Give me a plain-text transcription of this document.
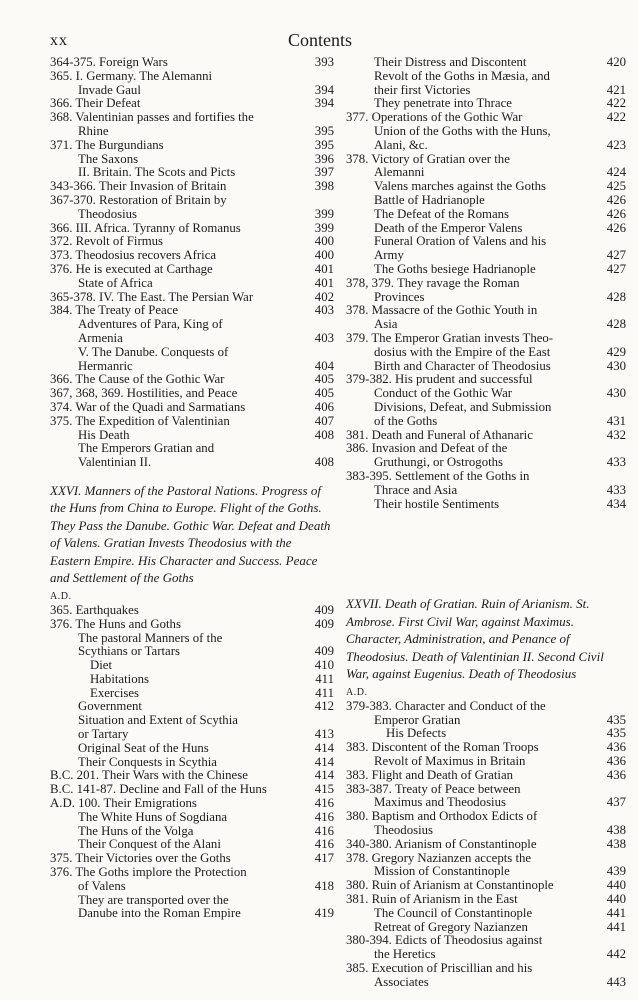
xx	Contents
364-375. Foreign Wars	393
365. I. Germany. The Alemanni
Invade Gaul	394
366. Their Defeat	394
368. Valentinian passes and fortifies the
Rhine	395
371. The Burgundians	395
The Saxons	396
II. Britain. The Scots and Picts	397
343-366. Their Invasion of Britain	398
367-370. Restoration of Britain by
Theodosius	399
366. III. Africa. Tyranny of Romanus	399
372. Revolt of Firmus	400
373. Theodosius recovers Africa	400
376. He is executed at Carthage	401
State of Africa	401
365-378. IV. The East. The Persian War	402
384. The Treaty of Peace	403
Adventures of Para, King of
Armenia	403
V. The Danube. Conquests of
Hermanric	404
366. The Cause of the Gothic War	405
367, 368, 369. Hostilities, and Peace	405
374. War of the Quadi and Sarmatians	406
375. The Expedition of Valentinian	407
His Death	408
The Emperors Gratian and
Valentinian II.	408
XXVI. Manners of the Pastoral Nations. Progress of the Huns from China to Europe. Flight of the Goths. They Pass the Danube. Gothic War. Defeat and Death of Valens. Gratian Invests Theodosius with the Eastern Empire. His Character and Success. Peace and Settlement of the Goths
A.D.
365. Earthquakes	409
376. The Huns and Goths	409
The pastoral Manners of the
Scythians or Tartars	409
Diet	410
Habitations	411
Exercises	411
Government	412
Situation and Extent of Scythia
or Tartary	413
Original Seat of the Huns	414
Their Conquests in Scythia	414
B.C. 201. Their Wars with the Chinese	414
B.C. 141-87. Decline and Fall of the Huns	415
A.D. 100. Their Emigrations	416
The White Huns of Sogdiana	416
The Huns of the Volga	416
Their Conquest of the Alani	416
375. Their Victories over the Goths	417
376. The Goths implore the Protection
of Valens	418
They are transported over the
Danube into the Roman Empire	419
Their Distress and Discontent	420
Revolt of the Goths in Mæsia, and
their first Victories	421
They penetrate into Thrace	422
377. Operations of the Gothic War	422
Union of the Goths with the Huns,
Alani, &c.	423
378. Victory of Gratian over the
Alemanni	424
Valens marches against the Goths	425
Battle of Hadrianople	426
The Defeat of the Romans	426
Death of the Emperor Valens	426
Funeral Oration of Valens and his
Army	427
The Goths besiege Hadrianople	427
378, 379. They ravage the Roman
Provinces	428
378. Massacre of the Gothic Youth in
Asia	428
379. The Emperor Gratian invests Theo-
dosius with the Empire of the East	429
Birth and Character of Theodosius	430
379-382. His prudent and successful
Conduct of the Gothic War	430
Divisions, Defeat, and Submission
of the Goths	431
381. Death and Funeral of Athanaric	432
386. Invasion and Defeat of the
Gruthungi, or Ostrogoths	433
383-395. Settlement of the Goths in
Thrace and Asia	433
Their hostile Sentiments	434
XXVII. Death of Gratian. Ruin of Arianism. St. Ambrose. First Civil War, against Maximus. Character, Administration, and Penance of Theodosius. Death of Valentinian II. Second Civil War, against Eugenius. Death of Theodosius
A.D.
379-383. Character and Conduct of the
Emperor Gratian	435
His Defects	435
383. Discontent of the Roman Troops	436
Revolt of Maximus in Britain	436
383. Flight and Death of Gratian	436
383-387. Treaty of Peace between
Maximus and Theodosius	437
380. Baptism and Orthodox Edicts of
Theodosius	438
340-380. Arianism of Constantinople	438
378. Gregory Nazianzen accepts the
Mission of Constantinople	439
380. Ruin of Arianism at Constantinople	440
381. Ruin of Arianism in the East	440
The Council of Constantinople	441
Retreat of Gregory Nazianzen	441
380-394. Edicts of Theodosius against
the Heretics	442
385. Execution of Priscillian and his
Associates	443
